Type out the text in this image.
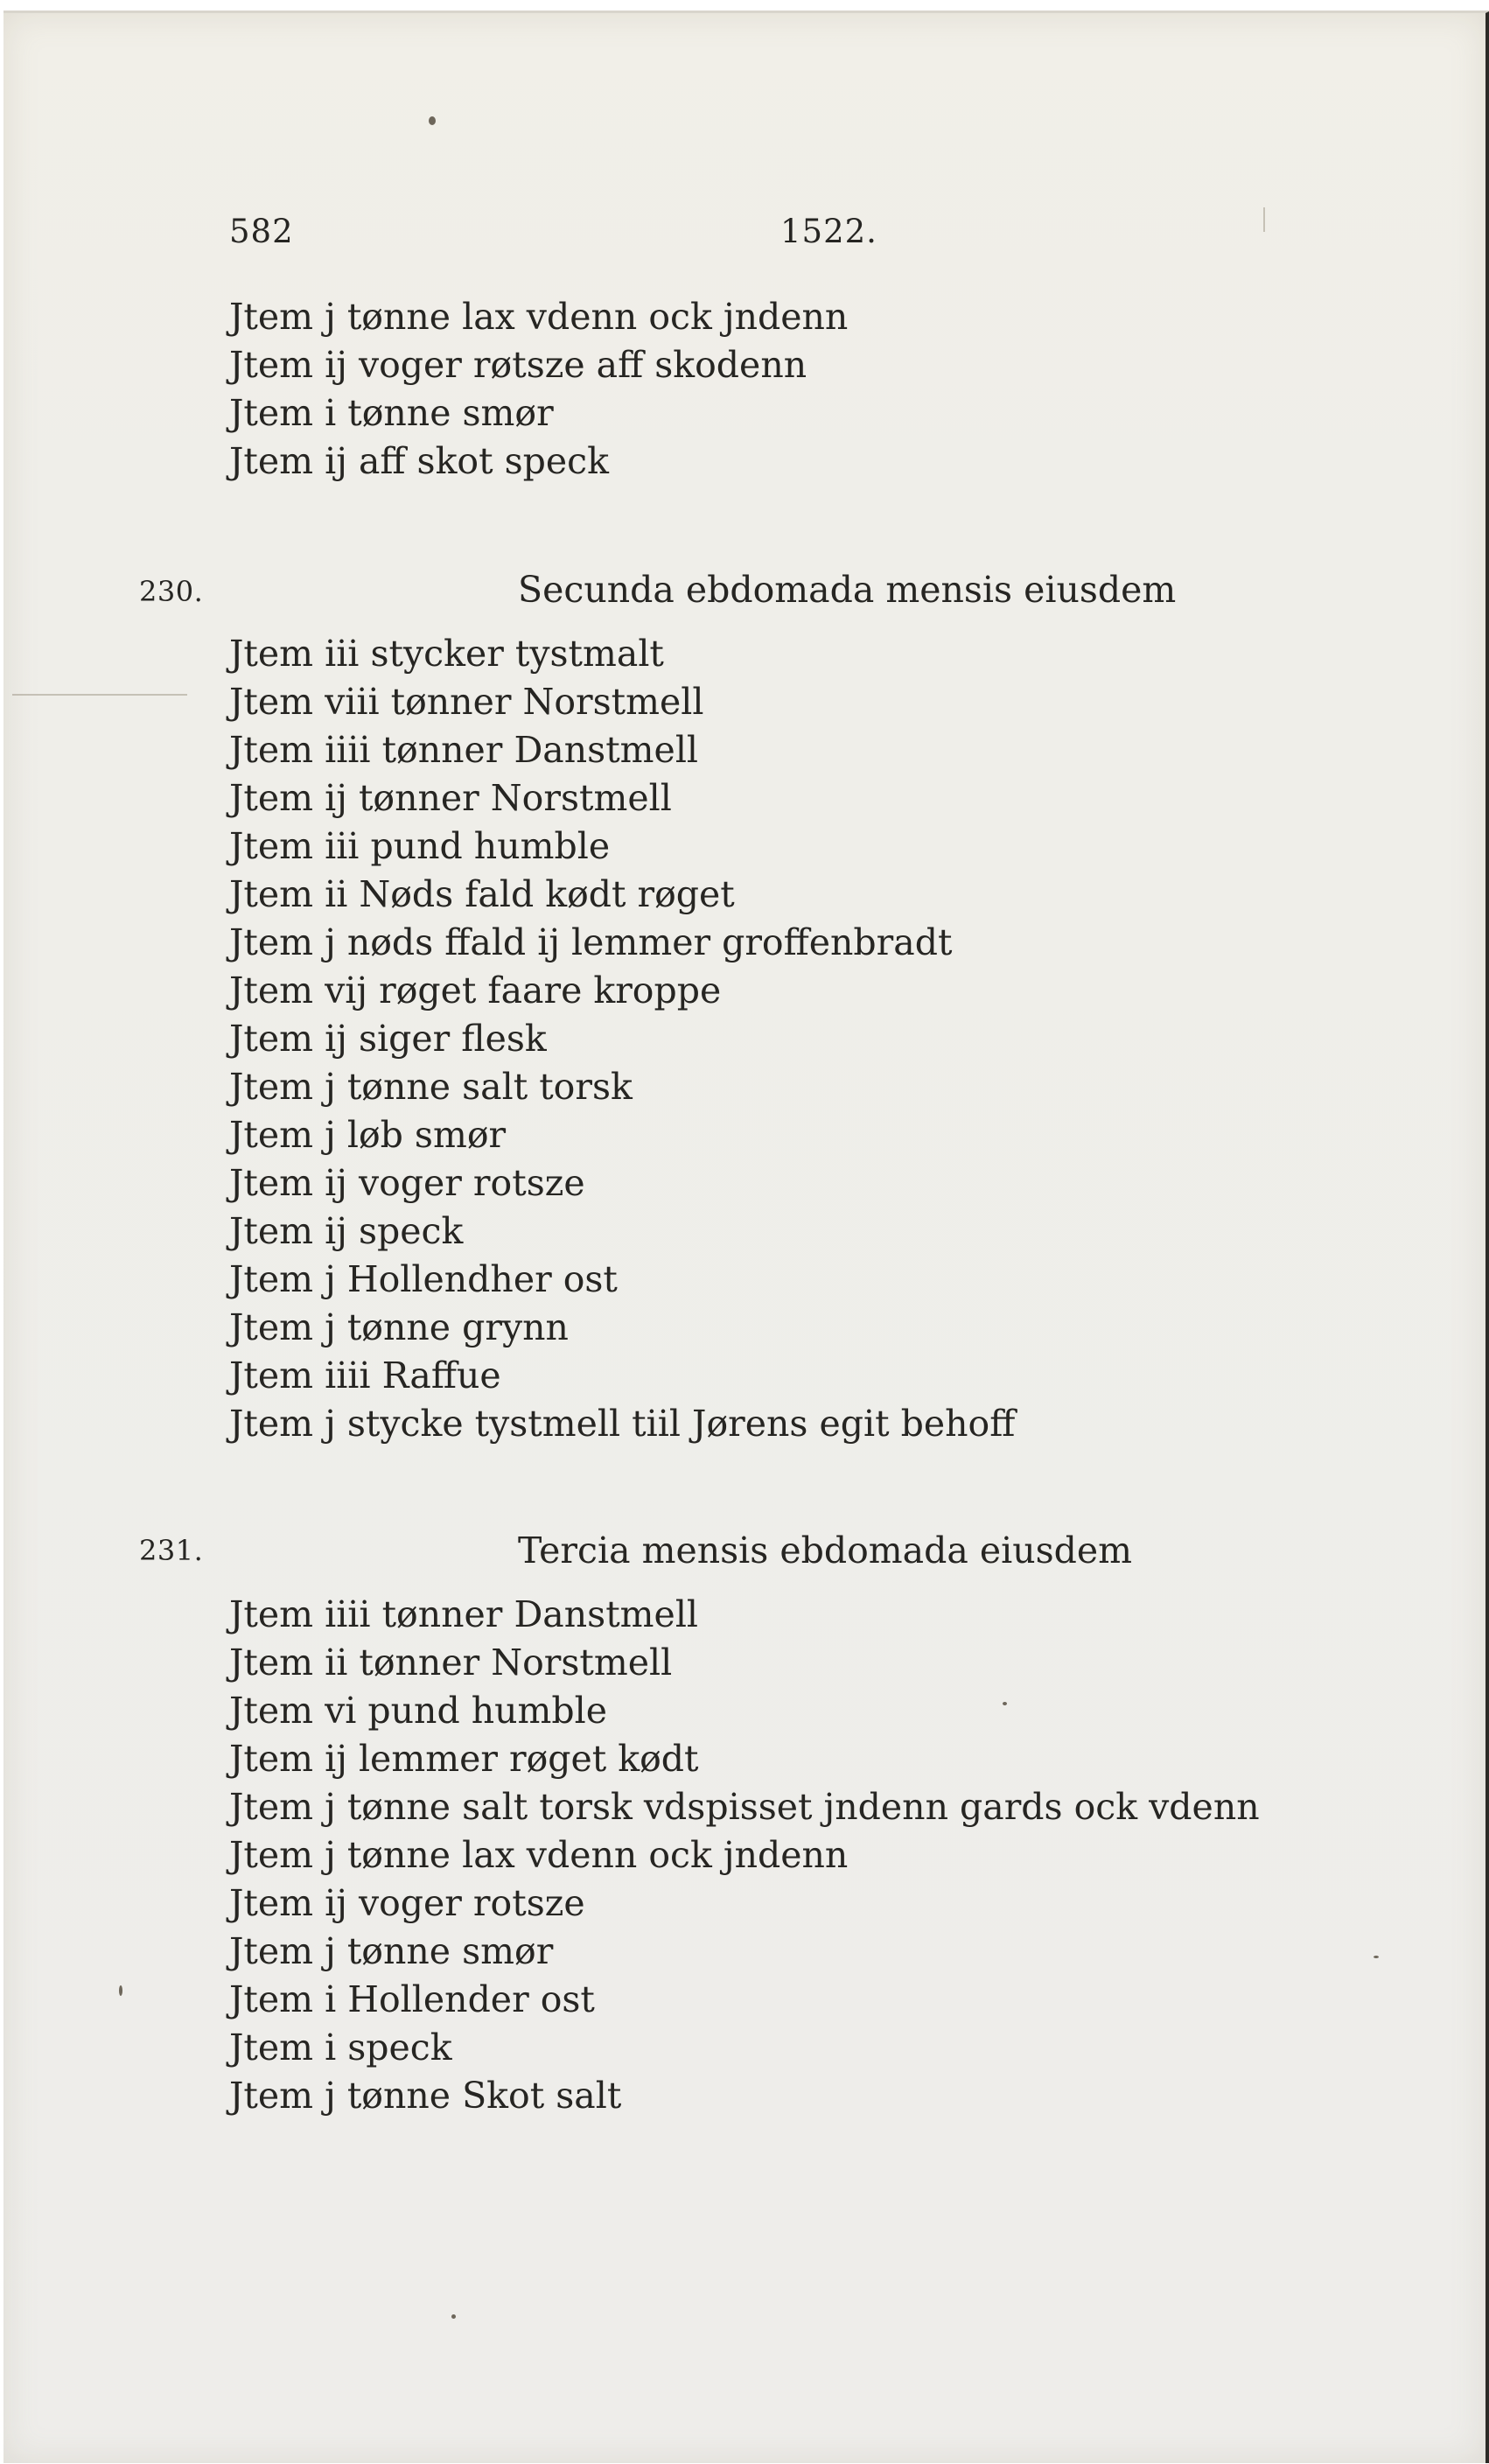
582	1522.
Jtem j tønne lax vdenn ock jndenn
Jtem ij voger røtsze aff skodenn
Jtem i tønne smør
Jtem ij aff skot speck
230.	Secunda ebdomada mensis eiusdem
Jtem iii stycker tystmalt
Jtem viii tønner Norstmell
Jtem iiii tønner Danstmell
Jtem ij tønner Norstmell
Jtem iii pund humble
Jtem ii Nøds fald kødt røget
Jtem j nøds ffald ij lemmer groffenbradt
Jtem vij røget faare kroppe
Jtem ij siger flesk
Jtem j tønne salt torsk
Jtem j løb smør
Jtem ij voger rotsze
Jtem ij speck
Jtem j Hollendher ost
Jtem j tønne grynn
Jtem iiii Raffue
Jtem j stycke tystmell tiil Jørens egit behoff
231.	Tercia mensis ebdomada eiusdem
Jtem iiii tønner Danstmell
Jtem ii tønner Norstmell
Jtem vi pund humble
Jtem ij lemmer røget kødt
Jtem j tønne salt torsk vdspisset jndenn gards ock vdenn
Jtem j tønne lax vdenn ock jndenn
Jtem ij voger rotsze
Jtem j tønne smør
Jtem i Hollender ost
Jtem i speck
Jtem j tønne Skot salt
